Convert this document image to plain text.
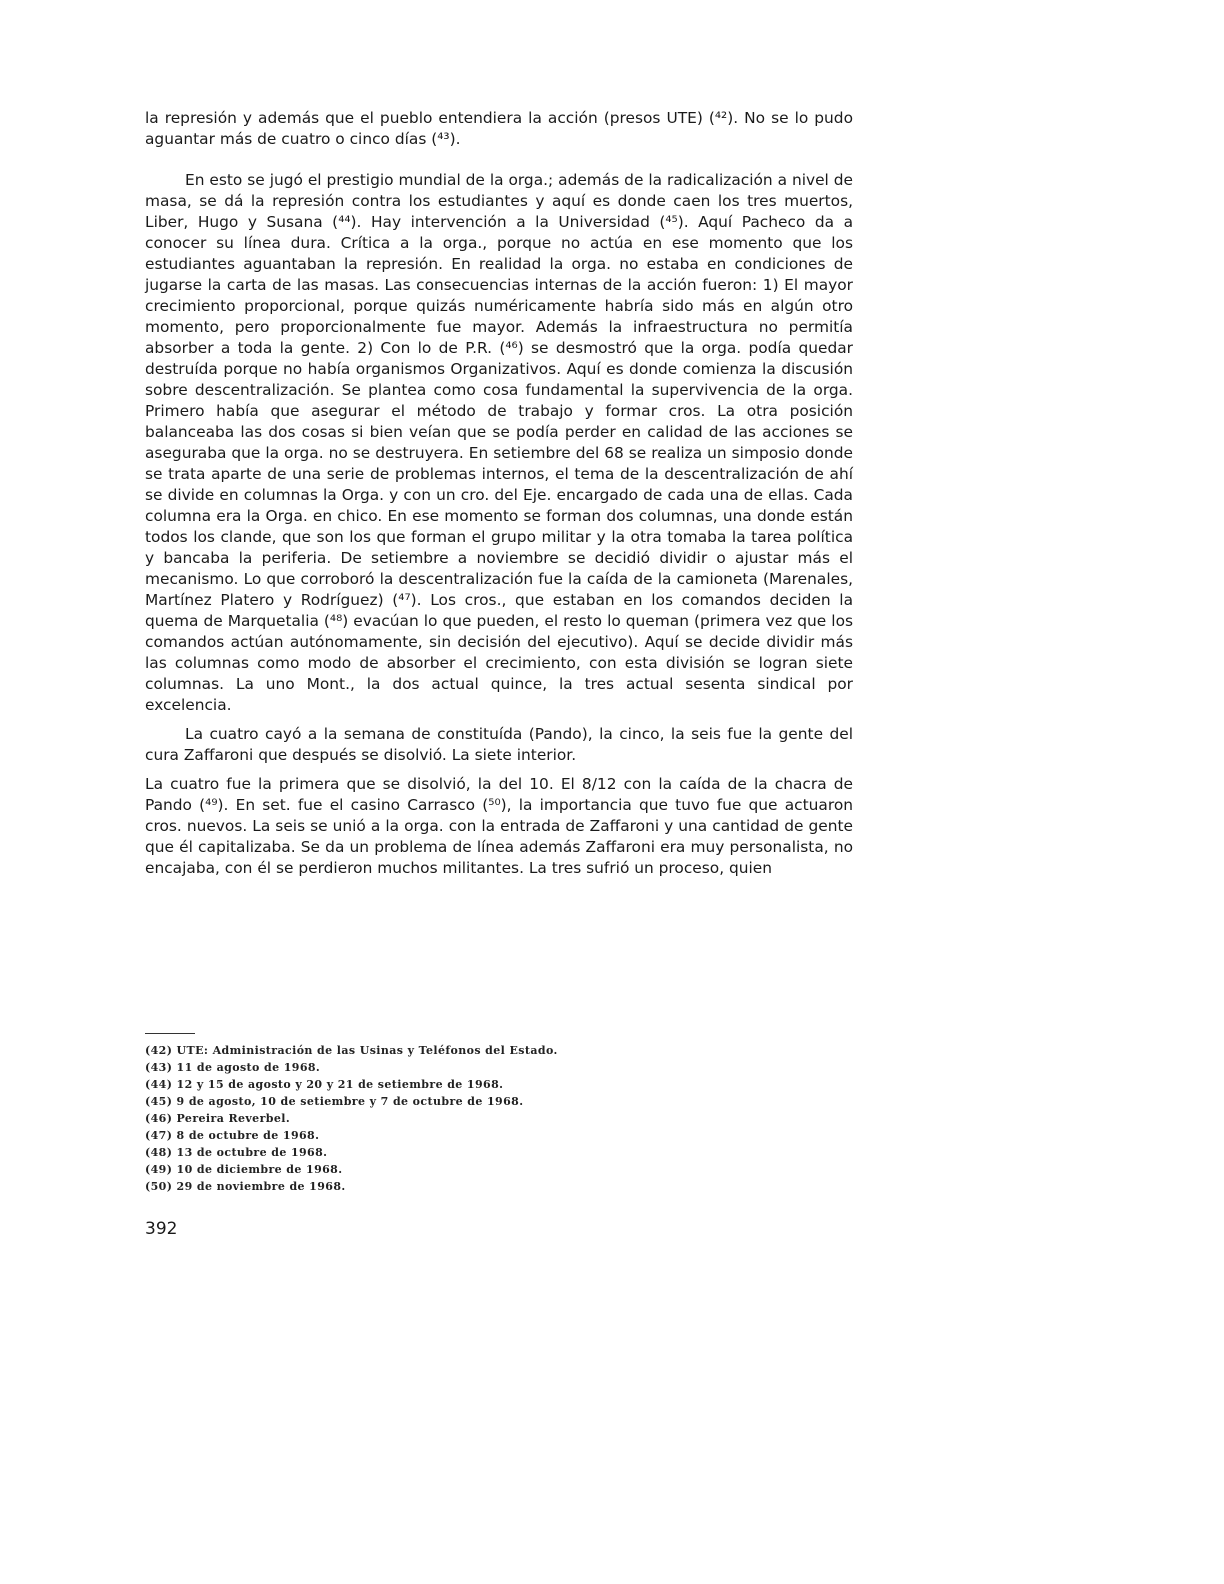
la represión y además que el pueblo entendiera la acción (presos UTE) (⁴²). No se lo pudo aguantar más de cuatro o cinco días (⁴³).

En esto se jugó el prestigio mundial de la orga.; además de la radicalización a nivel de masa, se dá la represión contra los estudiantes y aquí es donde caen los tres muertos, Liber, Hugo y Susana (⁴⁴). Hay intervención a la Universidad (⁴⁵). Aquí Pacheco da a conocer su línea dura. Crítica a la orga., porque no actúa en ese momento que los estudiantes aguantaban la represión. En realidad la orga. no estaba en condiciones de jugarse la carta de las masas. Las consecuencias internas de la acción fueron: 1) El mayor crecimiento proporcional, porque quizás numéricamente habría sido más en algún otro momento, pero proporcionalmente fue mayor. Además la infraestructura no permitía absorber a toda la gente. 2) Con lo de P.R. (⁴⁶) se desmostró que la orga. podía quedar destruída porque no había organismos Organizativos. Aquí es donde comienza la discusión sobre descentralización. Se plantea como cosa fundamental la supervivencia de la orga. Primero había que asegurar el método de trabajo y formar cros. La otra posición balanceaba las dos cosas si bien veían que se podía perder en calidad de las acciones se aseguraba que la orga. no se destruyera. En setiembre del 68 se realiza un simposio donde se trata aparte de una serie de problemas internos, el tema de la descentralización de ahí se divide en columnas la Orga. y con un cro. del Eje. encargado de cada una de ellas. Cada columna era la Orga. en chico. En ese momento se forman dos columnas, una donde están todos los clande, que son los que forman el grupo militar y la otra tomaba la tarea política y bancaba la periferia. De setiembre a noviembre se decidió dividir o ajustar más el mecanismo. Lo que corroboró la descentralización fue la caída de la camioneta (Marenales, Martínez Platero y Rodríguez) (⁴⁷). Los cros., que estaban en los comandos deciden la quema de Marquetalia (⁴⁸) evacúan lo que pueden, el resto lo queman (primera vez que los comandos actúan autónomamente, sin decisión del ejecutivo). Aquí se decide dividir más las columnas como modo de absorber el crecimiento, con esta división se logran siete columnas. La uno Mont., la dos actual quince, la tres actual sesenta sindical por excelencia.

La cuatro cayó a la semana de constituída (Pando), la cinco, la seis fue la gente del cura Zaffaroni que después se disolvió. La siete interior.

La cuatro fue la primera que se disolvió, la del 10. El 8/12 con la caída de la chacra de Pando (⁴⁹). En set. fue el casino Carrasco (⁵⁰), la importancia que tuvo fue que actuaron cros. nuevos. La seis se unió a la orga. con la entrada de Zaffaroni y una cantidad de gente que él capitalizaba. Se da un problema de línea además Zaffaroni era muy personalista, no encajaba, con él se perdieron muchos militantes. La tres sufrió un proceso, quien

(42) UTE: Administración de las Usinas y Teléfonos del Estado.

(43) 11 de agosto de 1968.

(44) 12 y 15 de agosto y 20 y 21 de setiembre de 1968.

(45) 9 de agosto, 10 de setiembre y 7 de octubre de 1968.

(46) Pereira Reverbel.

(47) 8 de octubre de 1968.

(48) 13 de octubre de 1968.

(49) 10 de diciembre de 1968.

(50) 29 de noviembre de 1968.

392
